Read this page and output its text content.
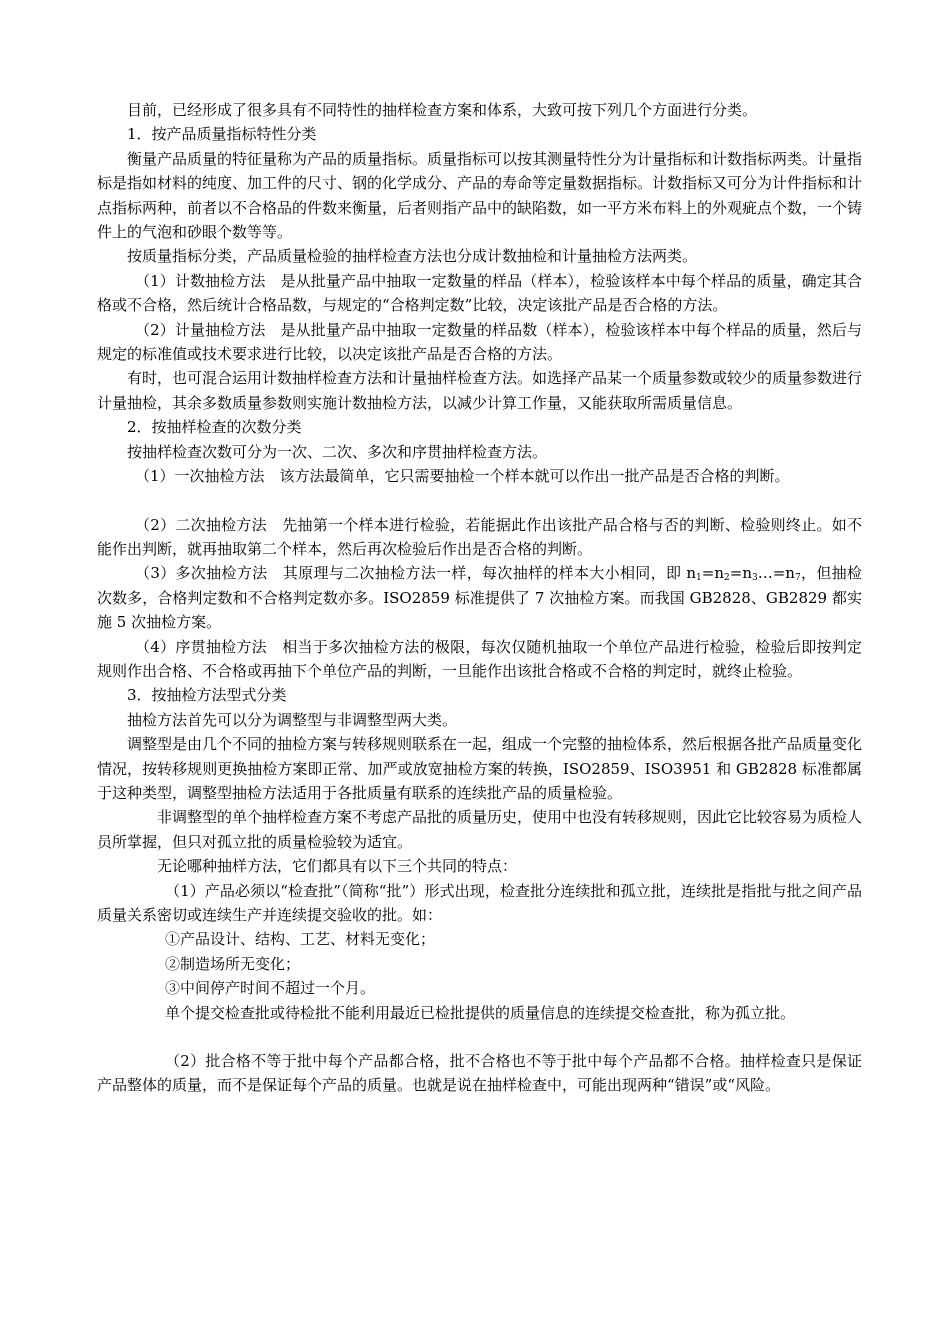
目前，已经形成了很多具有不同特性的抽样检查方案和体系，大致可按下列几个方面进行分类。

1．按产品质量指标特性分类

衡量产品质量的特征量称为产品的质量指标。质量指标可以按其测量特性分为计量指标和计数指标两类。计量指标是指如材料的纯度、加工件的尺寸、钢的化学成分、产品的寿命等定量数据指标。计数指标又可分为计件指标和计点指标两种，前者以不合格品的件数来衡量，后者则指产品中的缺陷数，如一平方米布料上的外观疵点个数，一个铸件上的气泡和砂眼个数等等。

按质量指标分类，产品质量检验的抽样检查方法也分成计数抽检和计量抽检方法两类。

（1）计数抽检方法　是从批量产品中抽取一定数量的样品（样本），检验该样本中每个样品的质量，确定其合格或不合格，然后统计合格品数，与规定的“合格判定数”比较，决定该批产品是否合格的方法。

（2）计量抽检方法　是从批量产品中抽取一定数量的样品数（样本），检验该样本中每个样品的质量，然后与规定的标准值或技术要求进行比较，以决定该批产品是否合格的方法。

有时，也可混合运用计数抽样检查方法和计量抽样检查方法。如选择产品某一个质量参数或较少的质量参数进行计量抽检，其余多数质量参数则实施计数抽检方法，以减少计算工作量，又能获取所需质量信息。

2．按抽样检查的次数分类

按抽样检查次数可分为一次、二次、多次和序贯抽样检查方法。

（1）一次抽检方法　该方法最简单，它只需要抽检一个样本就可以作出一批产品是否合格的判断。

（2）二次抽检方法　先抽第一个样本进行检验，若能据此作出该批产品合格与否的判断、检验则终止。如不能作出判断，就再抽取第二个样本，然后再次检验后作出是否合格的判断。

（3）多次抽检方法　其原理与二次抽检方法一样，每次抽样的样本大小相同，即 $n_1=n_2=n_3\dots=n_7$，但抽检次数多，合格判定数和不合格判定数亦多。ISO2859 标准提供了 7 次抽检方案。而我国 GB2828、GB2829 都实施 5 次抽检方案。

（4）序贯抽检方法　相当于多次抽检方法的极限，每次仅随机抽取一个单位产品进行检验，检验后即按判定规则作出合格、不合格或再抽下个单位产品的判断，一旦能作出该批合格或不合格的判定时，就终止检验。

3．按抽检方法型式分类

抽检方法首先可以分为调整型与非调整型两大类。

调整型是由几个不同的抽检方案与转移规则联系在一起，组成一个完整的抽检体系，然后根据各批产品质量变化情况，按转移规则更换抽检方案即正常、加严或放宽抽检方案的转换，ISO2859、ISO3951 和 GB2828 标准都属于这种类型，调整型抽检方法适用于各批质量有联系的连续批产品的质量检验。

非调整型的单个抽样检查方案不考虑产品批的质量历史，使用中也没有转移规则，因此它比较容易为质检人员所掌握，但只对孤立批的质量检验较为适宜。

无论哪种抽样方法，它们都具有以下三个共同的特点：

（1）产品必须以“检查批”（简称“批”）形式出现，检查批分连续批和孤立批，连续批是指批与批之间产品质量关系密切或连续生产并连续提交验收的批。如：

①产品设计、结构、工艺、材料无变化；

②制造场所无变化；

③中间停产时间不超过一个月。

单个提交检查批或待检批不能利用最近已检批提供的质量信息的连续提交检查批，称为孤立批。

（2）批合格不等于批中每个产品都合格，批不合格也不等于批中每个产品都不合格。抽样检查只是保证产品整体的质量，而不是保证每个产品的质量。也就是说在抽样检查中，可能出现两种“错误”或“风险。
